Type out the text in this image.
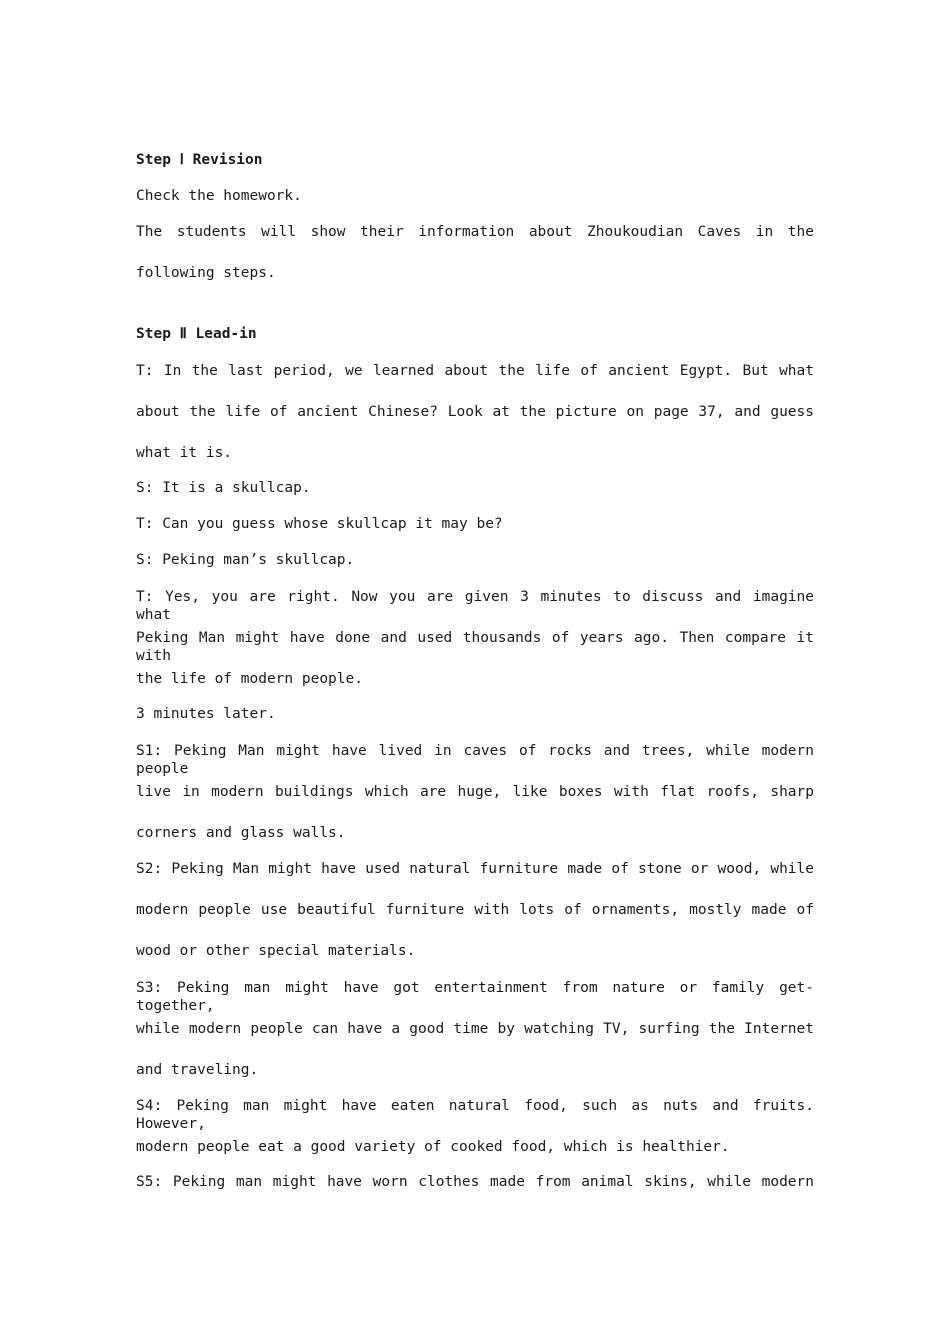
Step Ⅰ Revision
Check the homework.
The students will show their information about Zhoukoudian Caves in the
following steps.
Step Ⅱ Lead-in
T: In the last period, we learned about the life of ancient Egypt. But what
about the life of ancient Chinese? Look at the picture on page 37, and guess
what it is.
S: It is a skullcap.
T: Can you guess whose skullcap it may be?
S: Peking man’s skullcap.
T: Yes, you are right. Now you are given 3 minutes to discuss and imagine what
Peking Man might have done and used thousands of years ago. Then compare it with
the life of modern people.
3 minutes later.
S1: Peking Man might have lived in caves of rocks and trees, while modern people
live in modern buildings which are huge, like boxes with flat roofs, sharp
corners and glass walls.
S2: Peking Man might have used natural furniture made of stone or wood, while
modern people use beautiful furniture with lots of ornaments, mostly made of
wood or other special materials.
S3: Peking man might have got entertainment from nature or family get-together,
while modern people can have a good time by watching TV, surfing the Internet
and traveling.
S4: Peking man might have eaten natural food, such as nuts and fruits. However,
modern people eat a good variety of cooked food, which is healthier.
S5: Peking man might have worn clothes made from animal skins, while modern
